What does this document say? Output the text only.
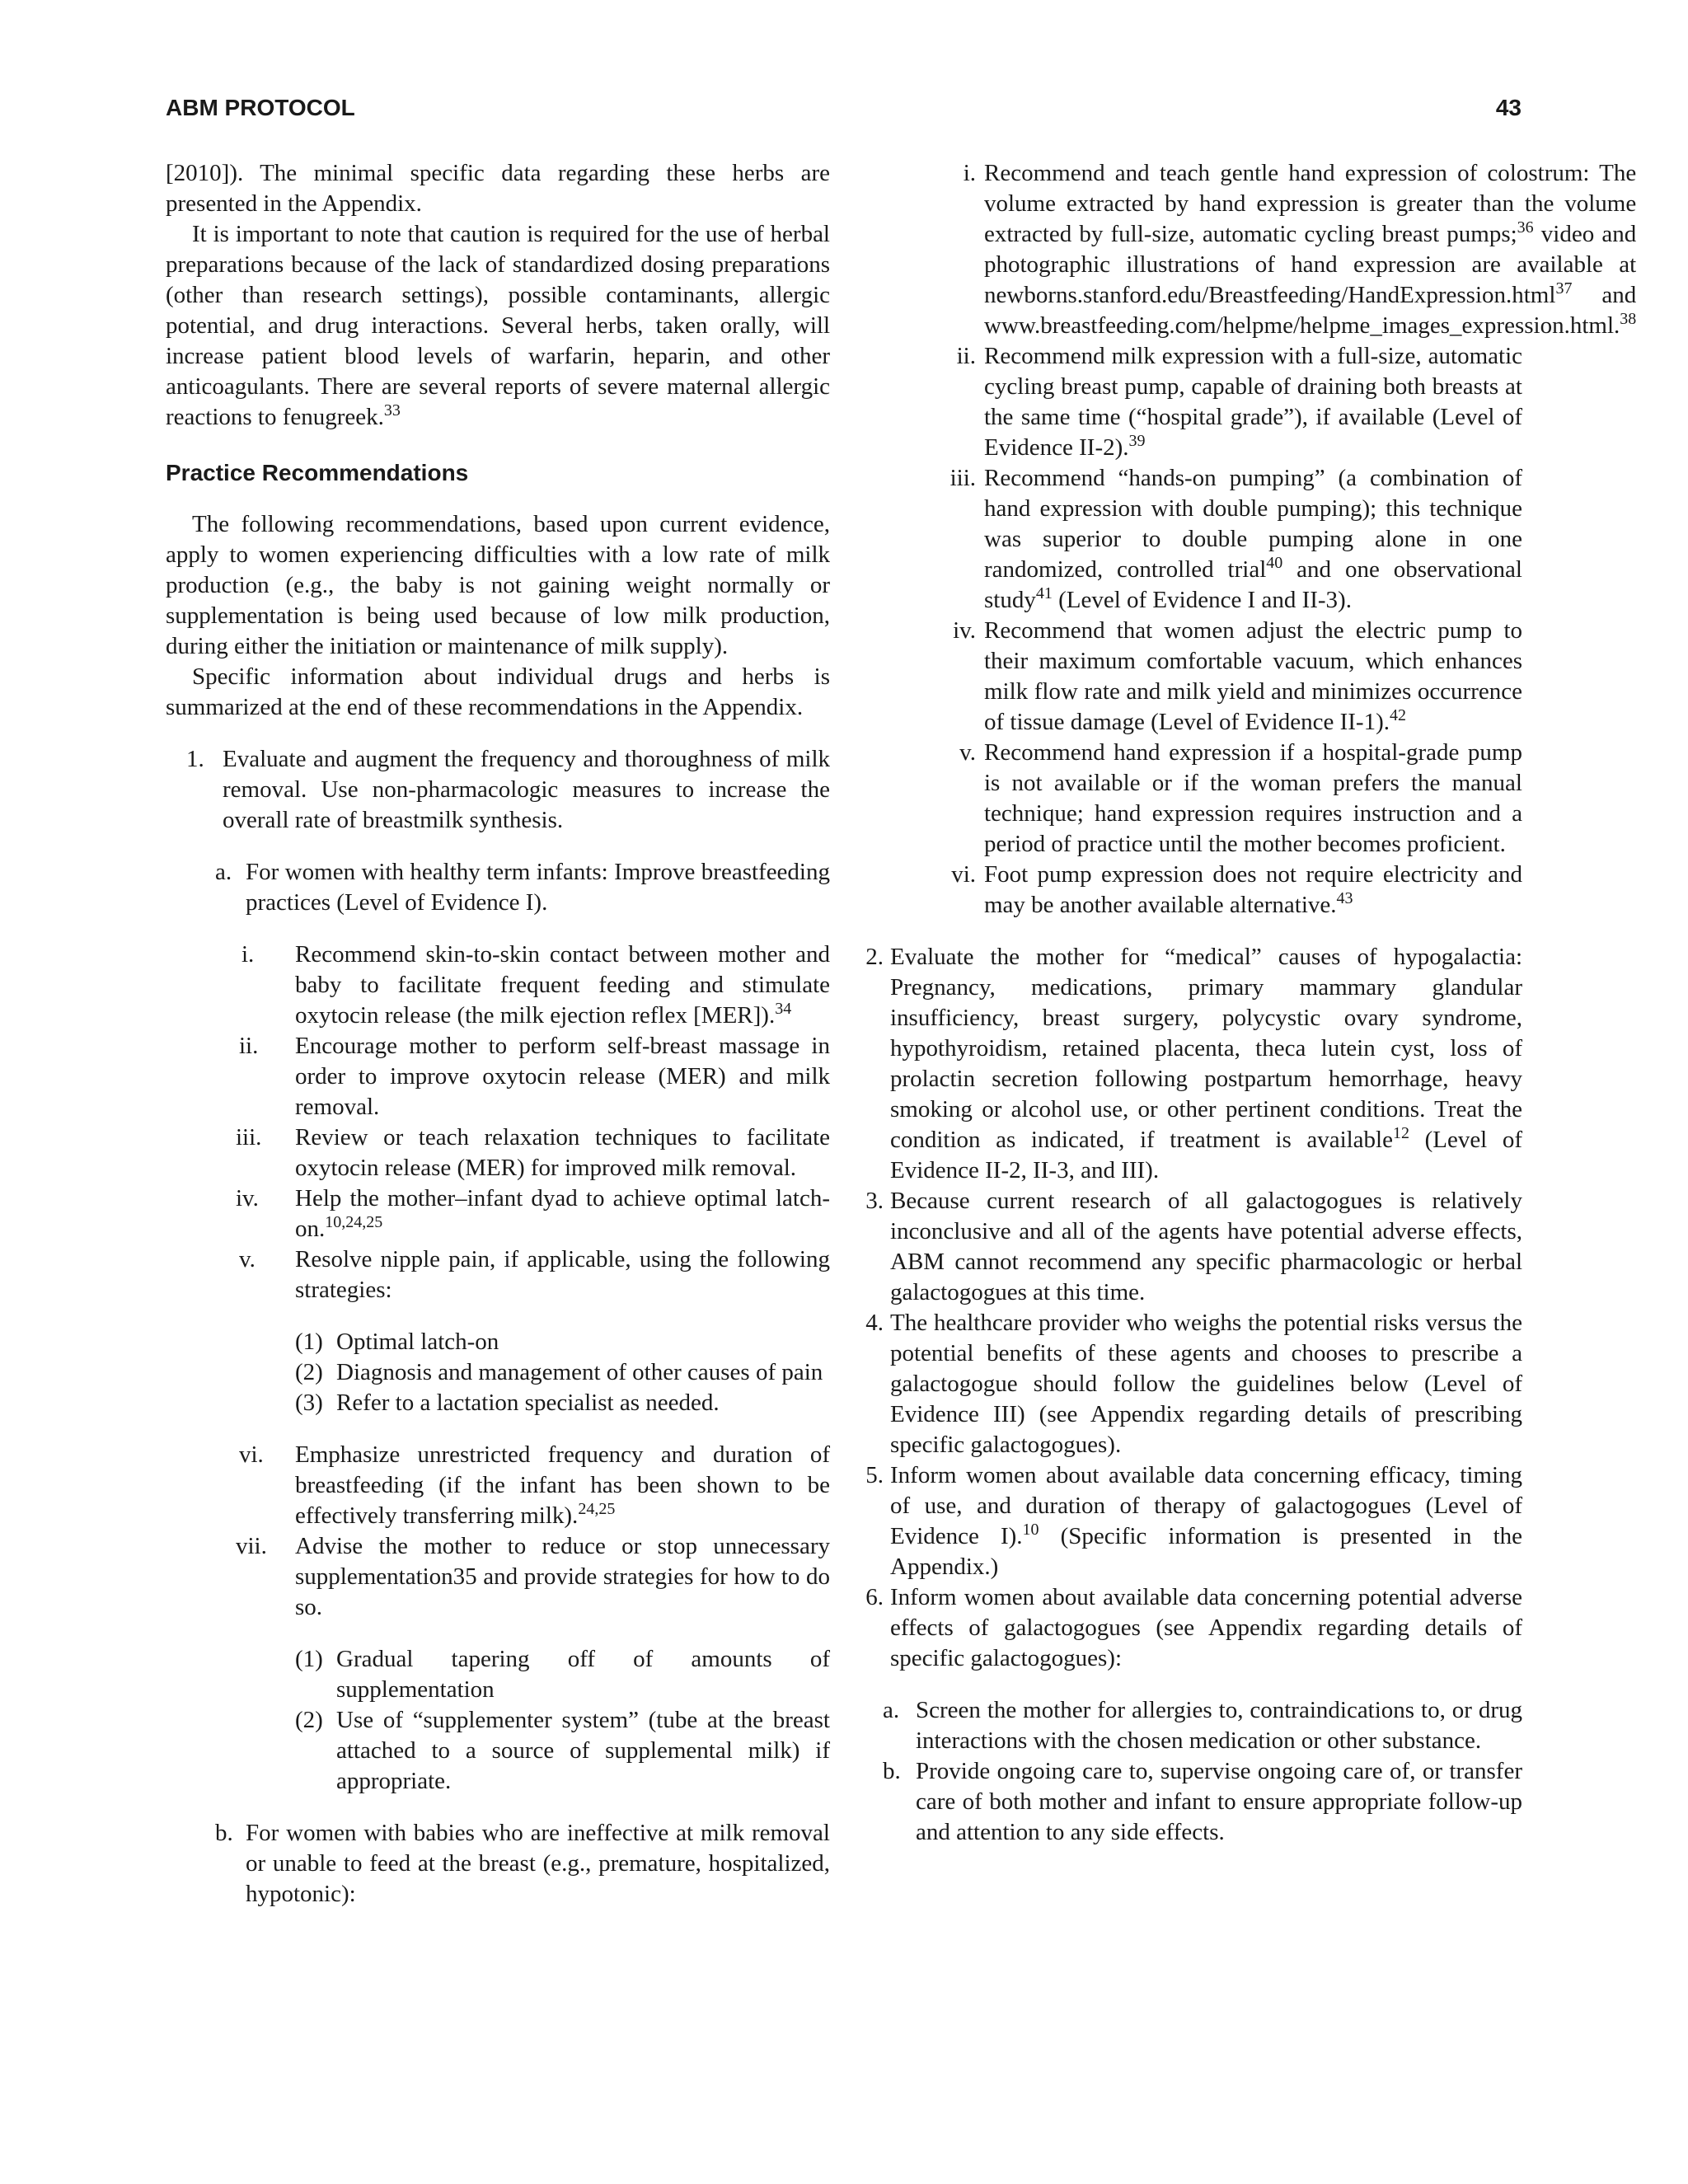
ABM PROTOCOL	43

[2010]). The minimal specific data regarding these herbs are presented in the Appendix.

It is important to note that caution is required for the use of herbal preparations because of the lack of standardized dosing preparations (other than research settings), possible contaminants, allergic potential, and drug interactions. Several herbs, taken orally, will increase patient blood levels of warfarin, heparin, and other anticoagulants. There are several reports of severe maternal allergic reactions to fenugreek.$^{33}$

Practice Recommendations

The following recommendations, based upon current evidence, apply to women experiencing difficulties with a low rate of milk production (e.g., the baby is not gaining weight normally or supplementation is being used because of low milk production, during either the initiation or maintenance of milk supply).

Specific information about individual drugs and herbs is summarized at the end of these recommendations in the Appendix.

1. Evaluate and augment the frequency and thoroughness of milk removal. Use non-pharmacologic measures to increase the overall rate of breastmilk synthesis.
a. For women with healthy term infants: Improve breastfeeding practices (Level of Evidence I).
i.	Recommend skin-to-skin contact between mother and baby to facilitate frequent feeding and stimulate oxytocin release (the milk ejection reflex [MER]).$^{34}$
ii.	Encourage mother to perform self-breast massage in order to improve oxytocin release (MER) and milk removal.
iii.	Review or teach relaxation techniques to facilitate oxytocin release (MER) for improved milk removal.
iv.	Help the mother–infant dyad to achieve optimal latch-on.$^{10,24,25}$
v.	Resolve nipple pain, if applicable, using the following strategies:
(1) Optimal latch-on
(2) Diagnosis and management of other causes of pain
(3) Refer to a lactation specialist as needed.
vi.	Emphasize unrestricted frequency and duration of breastfeeding (if the infant has been shown to be effectively transferring milk).$^{24,25}$
vii.	Advise the mother to reduce or stop unnecessary supplementation35 and provide strategies for how to do so.
(1) Gradual tapering off of amounts of supplementation
(2) Use of “supplementer system” (tube at the breast attached to a source of supplemental milk) if appropriate.
b. For women with babies who are ineffective at milk removal or unable to feed at the breast (e.g., premature, hospitalized, hypotonic):
i. Recommend and teach gentle hand expression of colostrum: The volume extracted by hand expression is greater than the volume extracted by full-size, automatic cycling breast pumps;$^{36}$ video and photographic illustrations of hand expression are available at newborns.stanford.edu/Breastfeeding/HandExpression.html$^{37}$ and www.breastfeeding.com/helpme/helpme_images_expression.html.$^{38}$
ii. Recommend milk expression with a full-size, automatic cycling breast pump, capable of draining both breasts at the same time (“hospital grade”), if available (Level of Evidence II-2).$^{39}$
iii. Recommend “hands-on pumping” (a combination of hand expression with double pumping); this technique was superior to double pumping alone in one randomized, controlled trial$^{40}$ and one observational study$^{41}$ (Level of Evidence I and II-3).
iv. Recommend that women adjust the electric pump to their maximum comfortable vacuum, which enhances milk flow rate and milk yield and minimizes occurrence of tissue damage (Level of Evidence II-1).$^{42}$
v. Recommend hand expression if a hospital-grade pump is not available or if the woman prefers the manual technique; hand expression requires instruction and a period of practice until the mother becomes proficient.
vi. Foot pump expression does not require electricity and may be another available alternative.$^{43}$
2. Evaluate the mother for “medical” causes of hypogalactia: Pregnancy, medications, primary mammary glandular insufficiency, breast surgery, polycystic ovary syndrome, hypothyroidism, retained placenta, theca lutein cyst, loss of prolactin secretion following postpartum hemorrhage, heavy smoking or alcohol use, or other pertinent conditions. Treat the condition as indicated, if treatment is available$^{12}$ (Level of Evidence II-2, II-3, and III).
3. Because current research of all galactogogues is relatively inconclusive and all of the agents have potential adverse effects, ABM cannot recommend any specific pharmacologic or herbal galactogogues at this time.
4. The healthcare provider who weighs the potential risks versus the potential benefits of these agents and chooses to prescribe a galactogogue should follow the guidelines below (Level of Evidence III) (see Appendix regarding details of prescribing specific galactogogues).
5. Inform women about available data concerning efficacy, timing of use, and duration of therapy of galactogogues (Level of Evidence I).$^{10}$ (Specific information is presented in the Appendix.)
6. Inform women about available data concerning potential adverse effects of galactogogues (see Appendix regarding details of specific galactogogues):
a. Screen the mother for allergies to, contraindications to, or drug interactions with the chosen medication or other substance.
b. Provide ongoing care to, supervise ongoing care of, or transfer care of both mother and infant to ensure appropriate follow-up and attention to any side effects.
